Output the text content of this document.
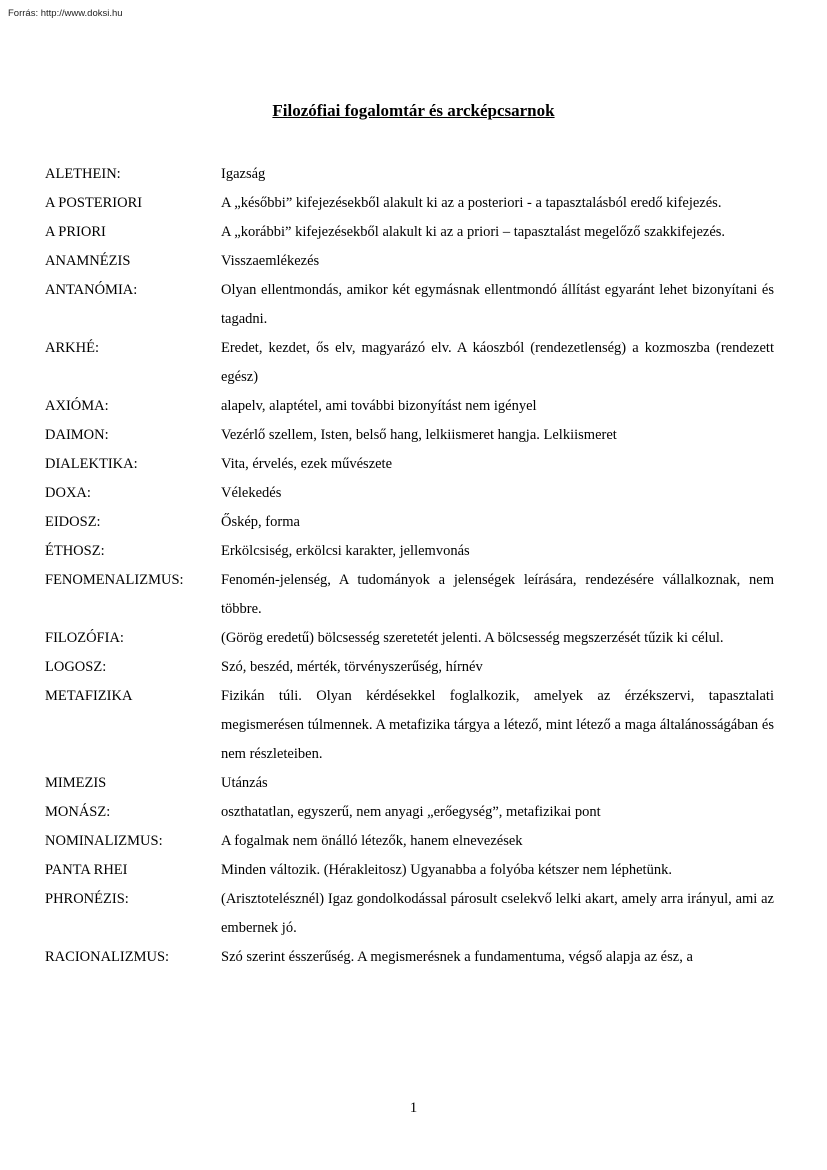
Forrás: http://www.doksi.hu
Filozófiai fogalomtár és arcképcsarnok
ALETHEIN:	Igazság
A POSTERIORI	A „későbbi” kifejezésekből alakult ki az a posteriori - a tapasztalásból eredő kifejezés.
A PRIORI	A „korábbi” kifejezésekből alakult ki az a priori – tapasztalást megelőző szakkifejezés.
ANAMNÉZIS	Visszaemlékezés
ANTANÓMIA:	Olyan ellentmondás, amikor két egymásnak ellentmondó állítást egyaránt lehet bizonyítani és tagadni.
ARKHÉ:	Eredet, kezdet, ős elv, magyarázó elv. A káoszból (rendezetlenség) a kozmoszba (rendezett egész)
AXIÓMA:	alapelv, alaptétel, ami további bizonyítást nem igényel
DAIMON:	Vezérlő szellem, Isten, belső hang, lelkiismeret hangja. Lelkiismeret
DIALEKTIKA:	Vita, érvelés, ezek művészete
DOXA:	Vélekedés
EIDOSZ:	Őskép, forma
ÉTHOSZ:	Erkölcsiség, erkölcsi karakter, jellemvonás
FENOMENALIZMUS:	Fenomén-jelenség, A tudományok a jelenségek leírására, rendezésére vállalkoznak, nem többre.
FILOZÓFIA:	(Görög eredetű) bölcsesség szeretetét jelenti. A bölcsesség megszerzését tűzik ki célul.
LOGOSZ:	Szó, beszéd, mérték, törvényszerűség, hírnév
METAFIZIKA	Fizikán túli. Olyan kérdésekkel foglalkozik, amelyek az érzékszervi, tapasztalati megismerésen túlmennek. A metafizika tárgya a létező, mint létező a maga általánosságában és nem részleteiben.
MIMEZIS	Utánzás
MONÁSZ:	oszthatatlan, egyszerű, nem anyagi „erőegység”, metafizikai pont
NOMINALIZMUS:	A fogalmak nem önálló létezők, hanem elnevezések
PANTA RHEI	Minden változik. (Hérakleitosz) Ugyanabba a folyóba kétszer nem léphetünk.
PHRONÉZIS:	(Arisztotelésznél) Igaz gondolkodással párosult cselekvő lelki akart, amely arra irányul, ami az embernek jó.
RACIONALIZMUS:	Szó szerint ésszerűség. A megismerésnek a fundamentuma, végső alapja az ész, a
1
